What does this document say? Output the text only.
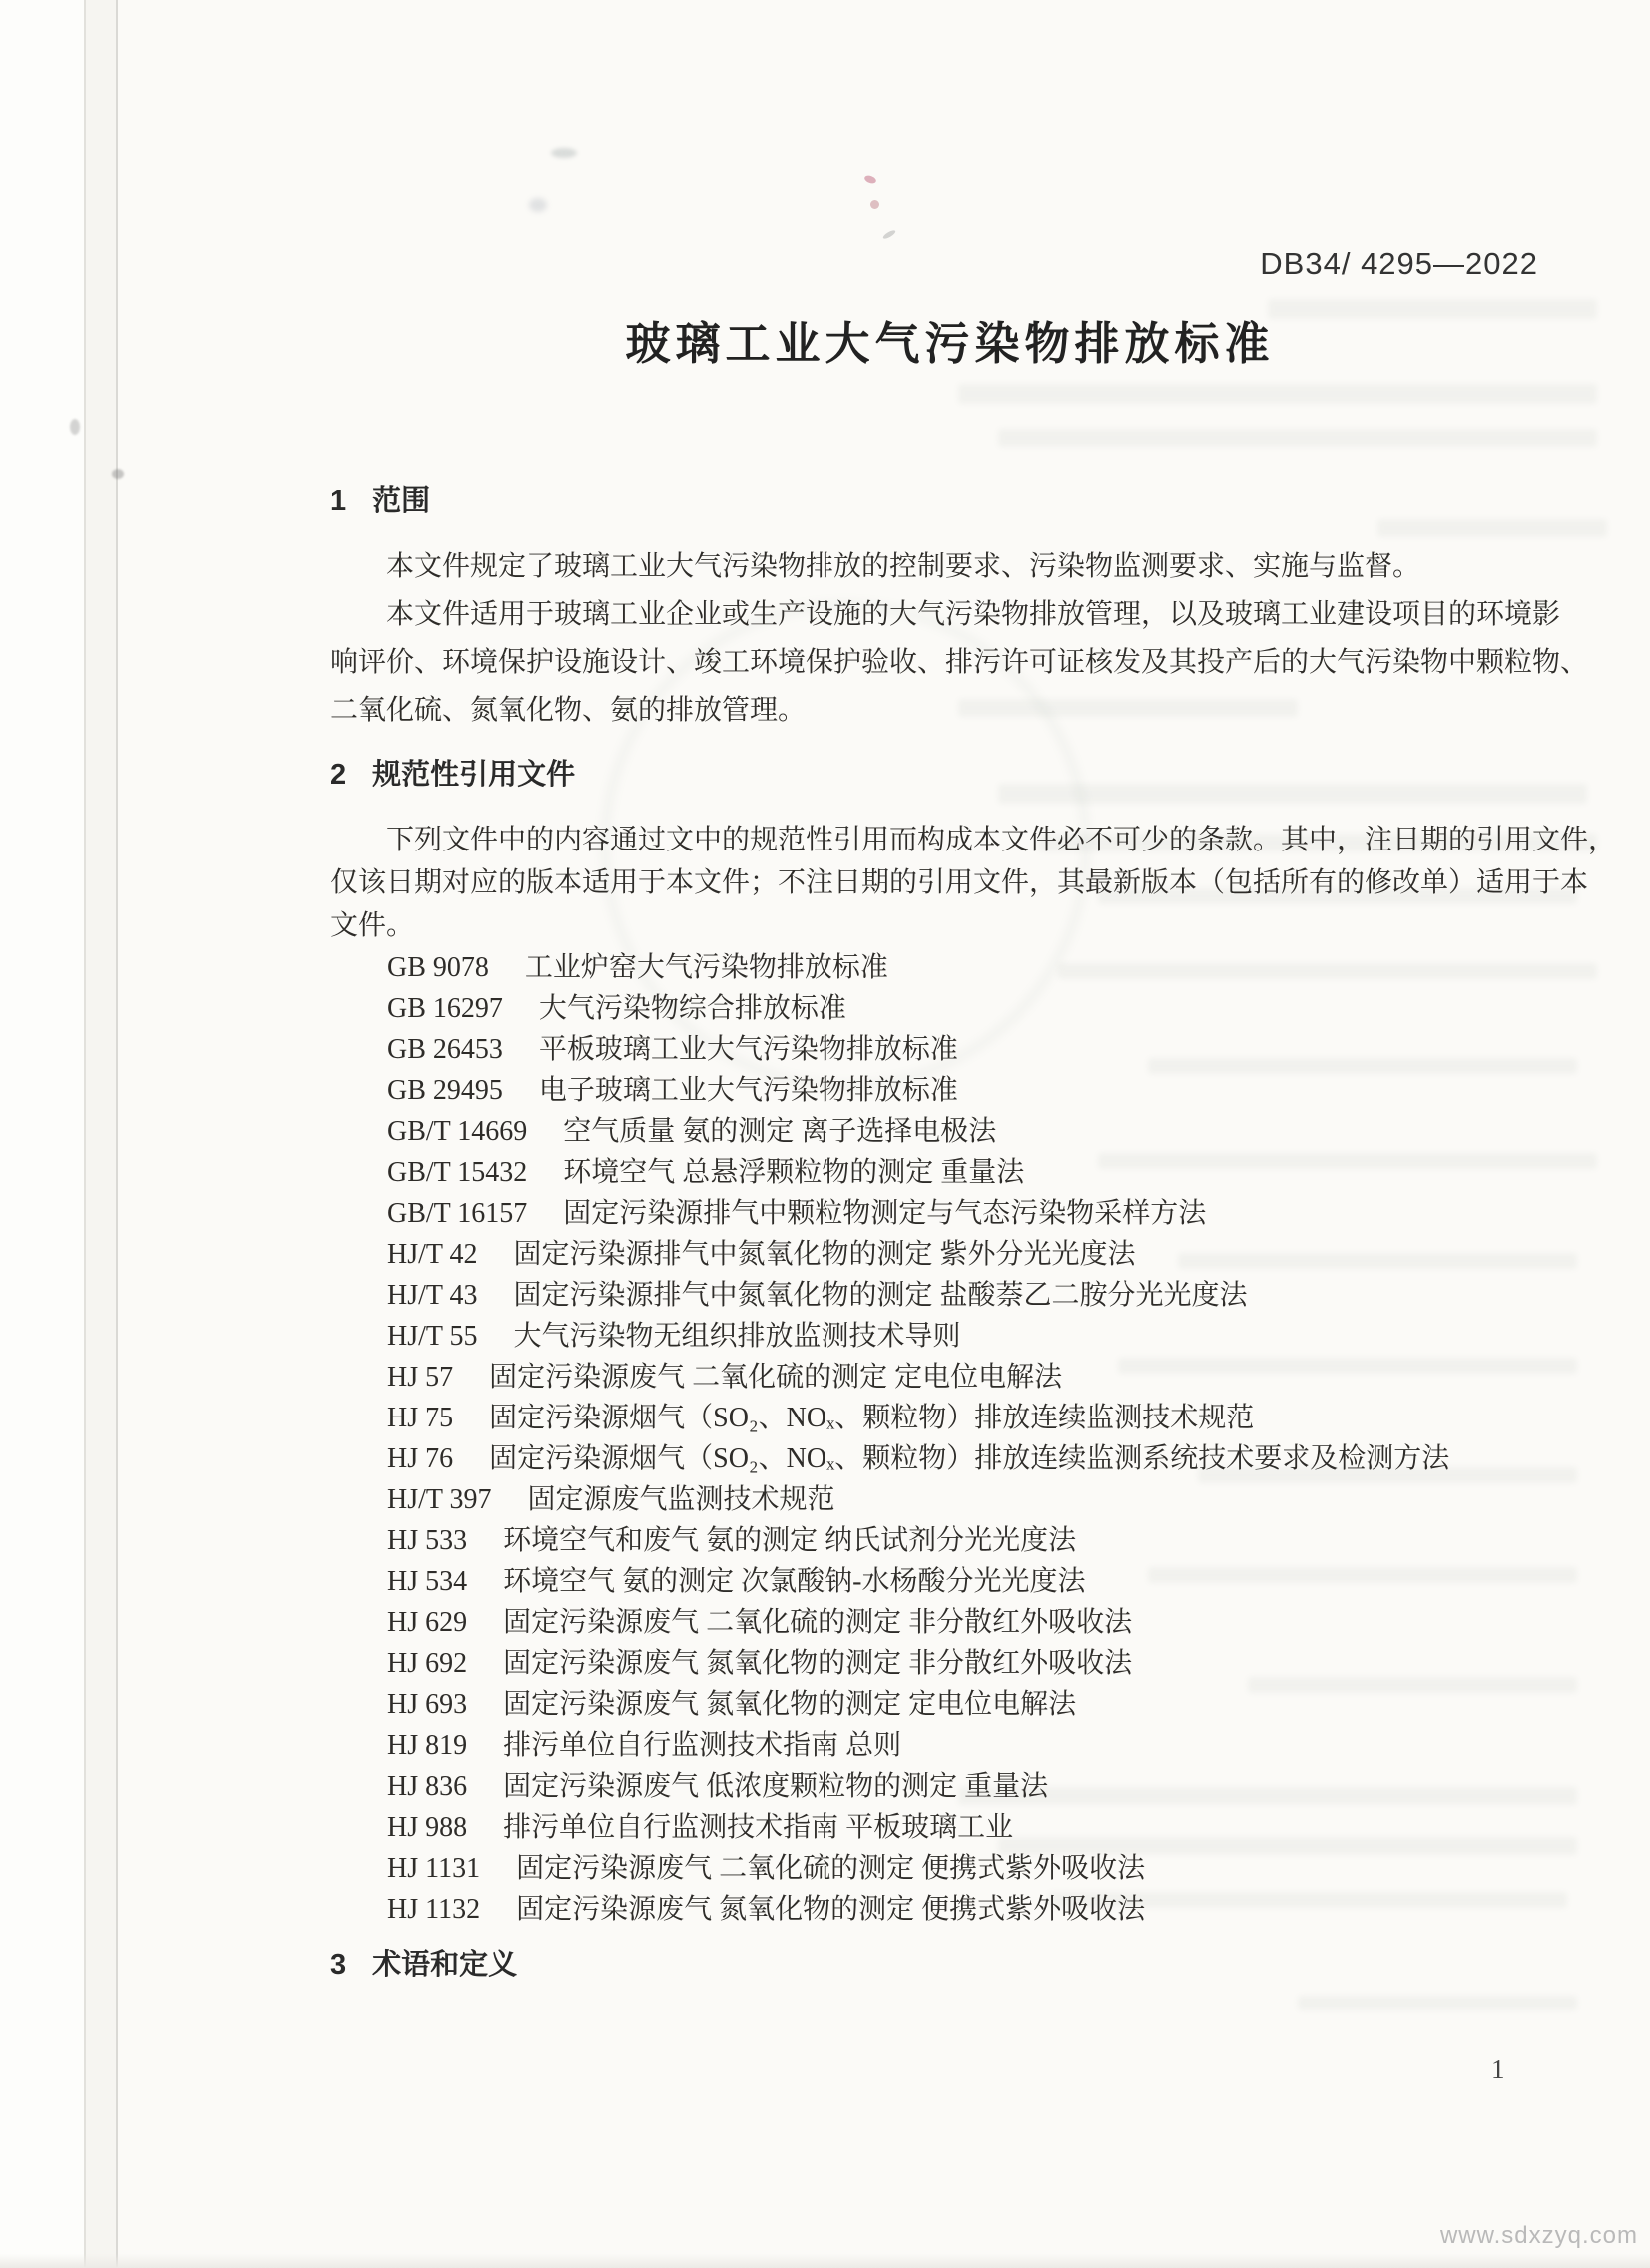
DB34/ 4295—2022
玻璃工业大气污染物排放标准
1 范围
　　本文件规定了玻璃工业大气污染物排放的控制要求、污染物监测要求、实施与监督。
　　本文件适用于玻璃工业企业或生产设施的大气污染物排放管理，以及玻璃工业建设项目的环境影
响评价、环境保护设施设计、竣工环境保护验收、排污许可证核发及其投产后的大气污染物中颗粒物、
二氧化硫、氮氧化物、氨的排放管理。
2 规范性引用文件
　　下列文件中的内容通过文中的规范性引用而构成本文件必不可少的条款。其中，注日期的引用文件，
仅该日期对应的版本适用于本文件；不注日期的引用文件，其最新版本（包括所有的修改单）适用于本
文件。
GB 9078 工业炉窑大气污染物排放标准
GB 16297 大气污染物综合排放标准
GB 26453 平板玻璃工业大气污染物排放标准
GB 29495 电子玻璃工业大气污染物排放标准
GB/T 14669 空气质量 氨的测定 离子选择电极法
GB/T 15432 环境空气 总悬浮颗粒物的测定 重量法
GB/T 16157 固定污染源排气中颗粒物测定与气态污染物采样方法
HJ/T 42 固定污染源排气中氮氧化物的测定 紫外分光光度法
HJ/T 43 固定污染源排气中氮氧化物的测定 盐酸萘乙二胺分光光度法
HJ/T 55 大气污染物无组织排放监测技术导则
HJ 57 固定污染源废气 二氧化硫的测定 定电位电解法
HJ 75 固定污染源烟气（SO₂、NOₓ、颗粒物）排放连续监测技术规范
HJ 76 固定污染源烟气（SO₂、NOₓ、颗粒物）排放连续监测系统技术要求及检测方法
HJ/T 397 固定源废气监测技术规范
HJ 533 环境空气和废气 氨的测定 纳氏试剂分光光度法
HJ 534 环境空气 氨的测定 次氯酸钠-水杨酸分光光度法
HJ 629 固定污染源废气 二氧化硫的测定 非分散红外吸收法
HJ 692 固定污染源废气 氮氧化物的测定 非分散红外吸收法
HJ 693 固定污染源废气 氮氧化物的测定 定电位电解法
HJ 819 排污单位自行监测技术指南 总则
HJ 836 固定污染源废气 低浓度颗粒物的测定 重量法
HJ 988 排污单位自行监测技术指南 平板玻璃工业
HJ 1131 固定污染源废气 二氧化硫的测定 便携式紫外吸收法
HJ 1132 固定污染源废气 氮氧化物的测定 便携式紫外吸收法
3 术语和定义
1
www.sdxzyq.com
